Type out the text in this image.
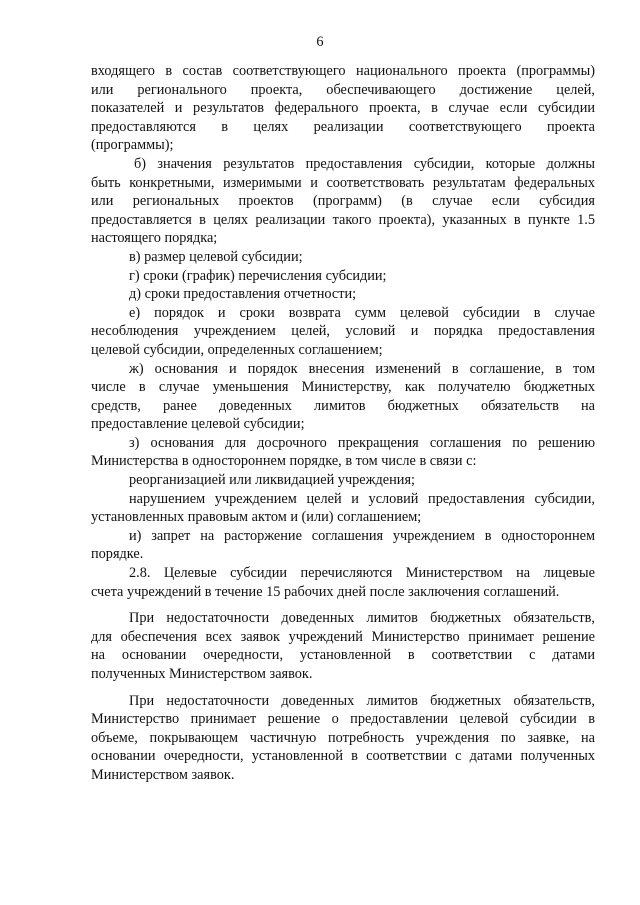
6
входящего в состав соответствующего национального проекта (программы)
или регионального проекта, обеспечивающего достижение целей,
показателей и результатов федерального проекта, в случае если субсидии
предоставляются в целях реализации соответствующего проекта
(программы);
б) значения результатов предоставления субсидии, которые должны
быть конкретными, измеримыми и соответствовать результатам федеральных
или региональных проектов (программ) (в случае если субсидия
предоставляется в целях реализации такого проекта), указанных в пункте 1.5
настоящего порядка;
в) размер целевой субсидии;
г) сроки (график) перечисления субсидии;
д) сроки предоставления отчетности;
е) порядок и сроки возврата сумм целевой субсидии в случае
несоблюдения учреждением целей, условий и порядка предоставления
целевой субсидии, определенных соглашением;
ж) основания и порядок внесения изменений в соглашение, в том
числе в случае уменьшения Министерству, как получателю бюджетных
средств, ранее доведенных лимитов бюджетных обязательств на
предоставление целевой субсидии;
з) основания для досрочного прекращения соглашения по решению
Министерства в одностороннем порядке, в том числе в связи с:
реорганизацией или ликвидацией учреждения;
нарушением учреждением целей и условий предоставления субсидии,
установленных правовым актом и (или) соглашением;
и) запрет на расторжение соглашения учреждением в одностороннем
порядке.
2.8. Целевые субсидии перечисляются Министерством на лицевые
счета учреждений в течение 15 рабочих дней после заключения соглашений.
При недостаточности доведенных лимитов бюджетных обязательств,
для обеспечения всех заявок учреждений Министерство принимает решение
на основании очередности, установленной в соответствии с датами
полученных Министерством заявок.
При недостаточности доведенных лимитов бюджетных обязательств,
Министерство принимает решение о предоставлении целевой субсидии в
объеме, покрывающем частичную потребность учреждения по заявке, на
основании очередности, установленной в соответствии с датами полученных
Министерством заявок.
